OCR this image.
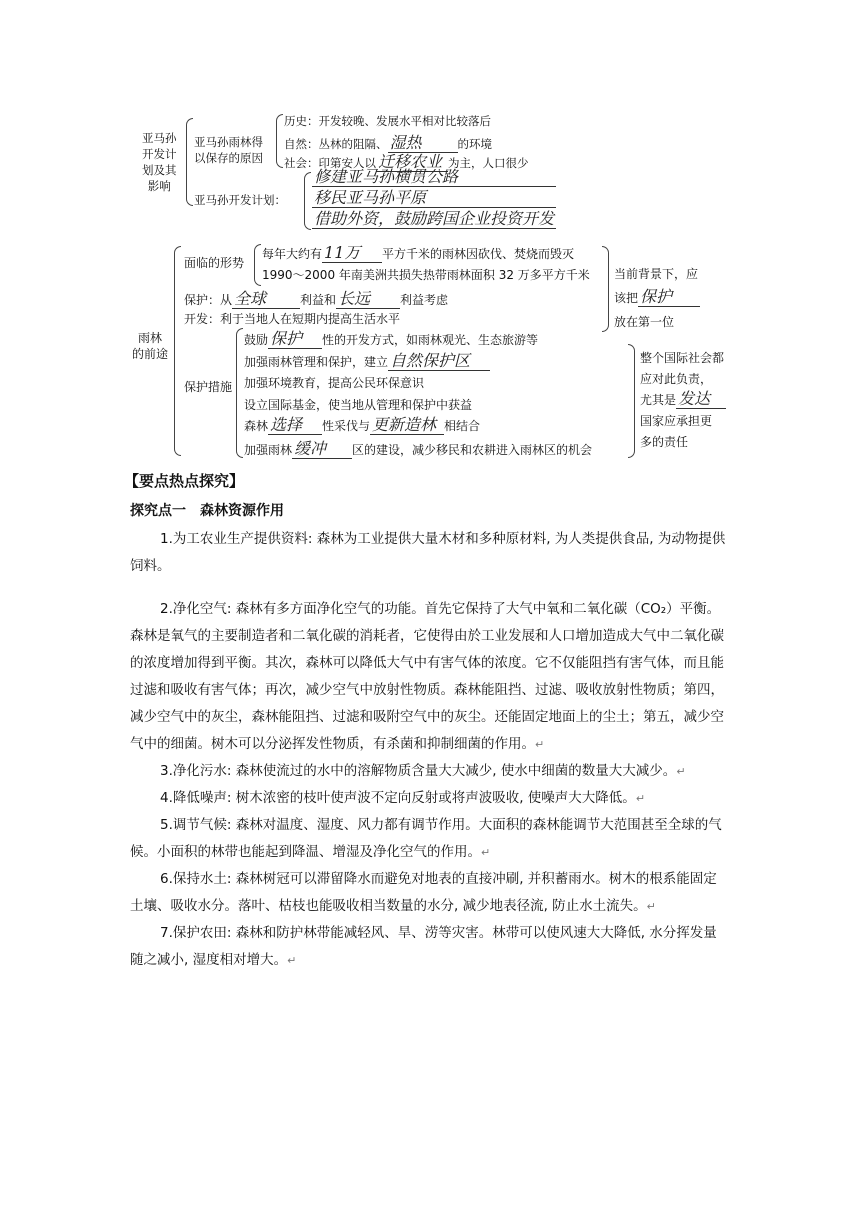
亚马孙
开发计
划及其
影响
亚马孙雨林得
以保存的原因
历史：开发较晚、发展水平相对比较落后
自然：丛林的阻隔、 湿热	的环境
社会：印第安人以 迁移农业 为主，人口很少
亚马孙开发计划：
修建亚马孙横贯公路
移民亚马孙平原
借助外资，鼓励跨国企业投资开发
雨林
的前途
面临的形势
每年大约有 11万 平方千米的雨林因砍伐、焚烧而毁灭
1990～2000 年南美洲共损失热带雨林面积 32 万多平方千米
保护：从 全球	利益和 长远 利益考虑
开发：利于当地人在短期内提高生活水平
当前背景下，应
该把 保护
放在第一位
保护措施
鼓励 保护 性的开发方式，如雨林观光、生态旅游等
加强雨林管理和保护，建立 自然保护区
加强环境教育，提高公民环保意识
设立国际基金，使当地从管理和保护中获益
森林 选择 性采伐与 更新造林 相结合
加强雨林 缓冲 区的建设，减少移民和农耕进入雨林区的机会
整个国际社会都
应对此负责，
尤其是 发达
国家应承担更
多的责任
【要点热点探究】
探究点一　森林资源作用

1.为工农业生产提供资料: 森林为工业提供大量木材和多种原材料, 为人类提供食品, 为动物提供饲料。

2.净化空气: 森林有多方面净化空气的功能。首先它保持了大气中氧和二氧化碳（CO₂）平衡。森林是氧气的主要制造者和二氧化碳的消耗者，它使得由於工业发展和人口增加造成大气中二氧化碳的浓度增加得到平衡。其次，森林可以降低大气中有害气体的浓度。它不仅能阻挡有害气体，而且能过滤和吸收有害气体；再次，减少空气中放射性物质。森林能阻挡、过滤、吸收放射性物质；第四，减少空气中的灰尘，森林能阻挡、过滤和吸附空气中的灰尘。还能固定地面上的尘土；第五，减少空气中的细菌。树木可以分泌挥发性物质，有杀菌和抑制细菌的作用。↵

3.净化污水: 森林使流过的水中的溶解物质含量大大减少, 使水中细菌的数量大大减少。↵

4.降低噪声: 树木浓密的枝叶使声波不定向反射或将声波吸收, 使噪声大大降低。↵

5.调节气候: 森林对温度、湿度、风力都有调节作用。大面积的森林能调节大范围甚至全球的气候。小面积的林带也能起到降温、增湿及净化空气的作用。↵

6.保持水土: 森林树冠可以滞留降水而避免对地表的直接冲刷, 并积蓄雨水。树木的根系能固定土壤、吸收水分。落叶、枯枝也能吸收相当数量的水分, 减少地表径流, 防止水土流失。↵

7.保护农田: 森林和防护林带能减轻风、旱、涝等灾害。林带可以使风速大大降低, 水分挥发量随之减小, 湿度相对增大。↵
